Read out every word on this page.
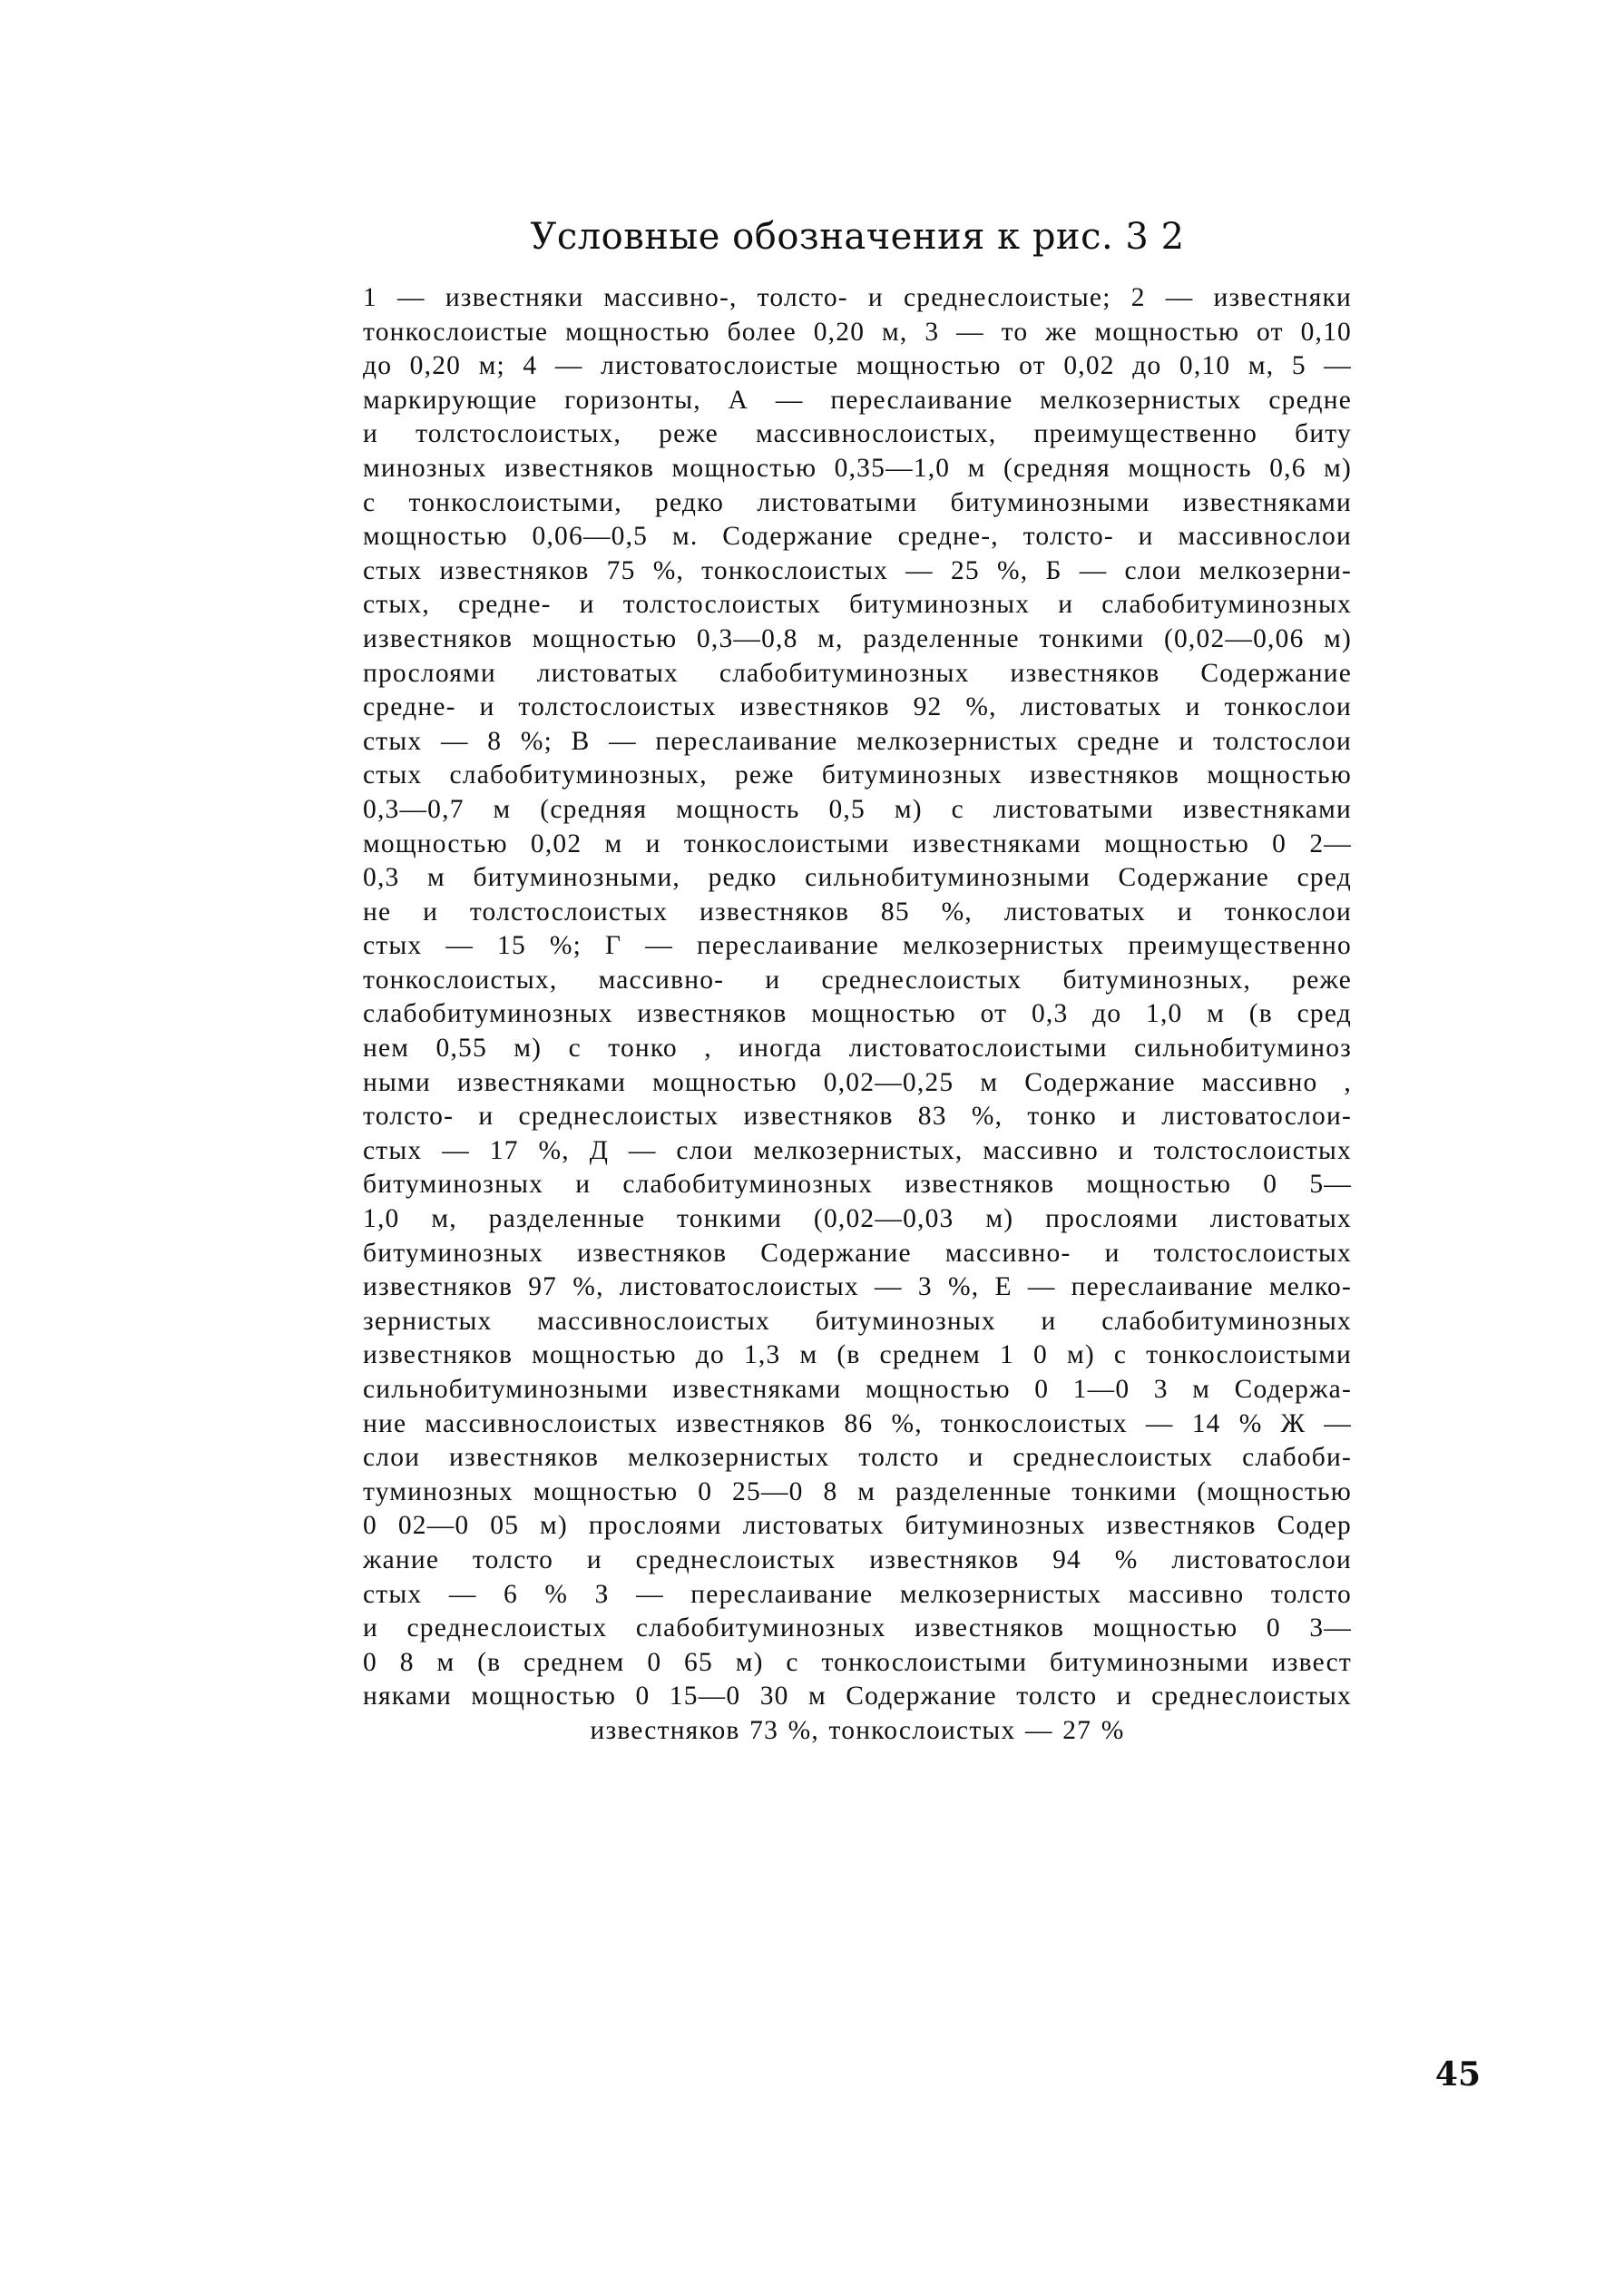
Условные обозначения к рис. 3 2
1 — известняки массивно-, толсто- и среднеслоистые; 2 — известняки
тонкослоистые мощностью более 0,20 м, 3 — то же мощностью от 0,10
до 0,20 м; 4 — листоватослоистые мощностью от 0,02 до 0,10 м, 5 —
маркирующие горизонты, А — переслаивание мелкозернистых средне
и толстослоистых, реже массивнослоистых, преимущественно биту
минозных известняков мощностью 0,35—1,0 м (средняя мощность 0,6 м)
с тонкослоистыми, редко листоватыми битуминозными известняками
мощностью 0,06—0,5 м. Содержание средне-, толсто- и массивнослои
стых известняков 75 %, тонкослоистых — 25 %, Б — слои мелкозерни-
стых, средне- и толстослоистых битуминозных и слабобитуминозных
известняков мощностью 0,3—0,8 м, разделенные тонкими (0,02—0,06 м)
прослоями листоватых слабобитуминозных известняков Содержание
средне- и толстослоистых известняков 92 %, листоватых и тонкослои
стых — 8 %; В — переслаивание мелкозернистых средне и толстослои
стых слабобитуминозных, реже битуминозных известняков мощностью
0,3—0,7 м (средняя мощность 0,5 м) с листоватыми известняками
мощностью 0,02 м и тонкослоистыми известняками мощностью 0 2—
0,3 м битуминозными, редко сильнобитуминозными Содержание сред
не и толстослоистых известняков 85 %, листоватых и тонкослои
стых — 15 %; Г — переслаивание мелкозернистых преимущественно
тонкослоистых, массивно- и среднеслоистых битуминозных, реже
слабобитуминозных известняков мощностью от 0,3 до 1,0 м (в сред
нем 0,55 м) с тонко , иногда листоватослоистыми сильнобитуминоз
ными известняками мощностью 0,02—0,25 м Содержание массивно ,
толсто- и среднеслоистых известняков 83 %, тонко и листоватослои-
стых — 17 %, Д — слои мелкозернистых, массивно и толстослоистых
битуминозных и слабобитуминозных известняков мощностью 0 5—
1,0 м, разделенные тонкими (0,02—0,03 м) прослоями листоватых
битуминозных известняков Содержание массивно- и толстослоистых
известняков 97 %, листоватослоистых — 3 %, Е — переслаивание мелко-
зернистых массивнослоистых битуминозных и слабобитуминозных
известняков мощностью до 1,3 м (в среднем 1 0 м) с тонкослоистыми
сильнобитуминозными известняками мощностью 0 1—0 3 м Содержа-
ние массивнослоистых известняков 86 %, тонкослоистых — 14 % Ж —
слои известняков мелкозернистых толсто и среднеслоистых слабоби-
туминозных мощностью 0 25—0 8 м разделенные тонкими (мощностью
0 02—0 05 м) прослоями листоватых битуминозных известняков Содер
жание толсто и среднеслоистых известняков 94 % листоватослои
стых — 6 % З — переслаивание мелкозернистых массивно толсто
и среднеслоистых слабобитуминозных известняков мощностью 0 3—
0 8 м (в среднем 0 65 м) с тонкослоистыми битуминозными извест
няками мощностью 0 15—0 30 м Содержание толсто и среднеслоистых
известняков 73 %, тонкослоистых — 27 %
45
